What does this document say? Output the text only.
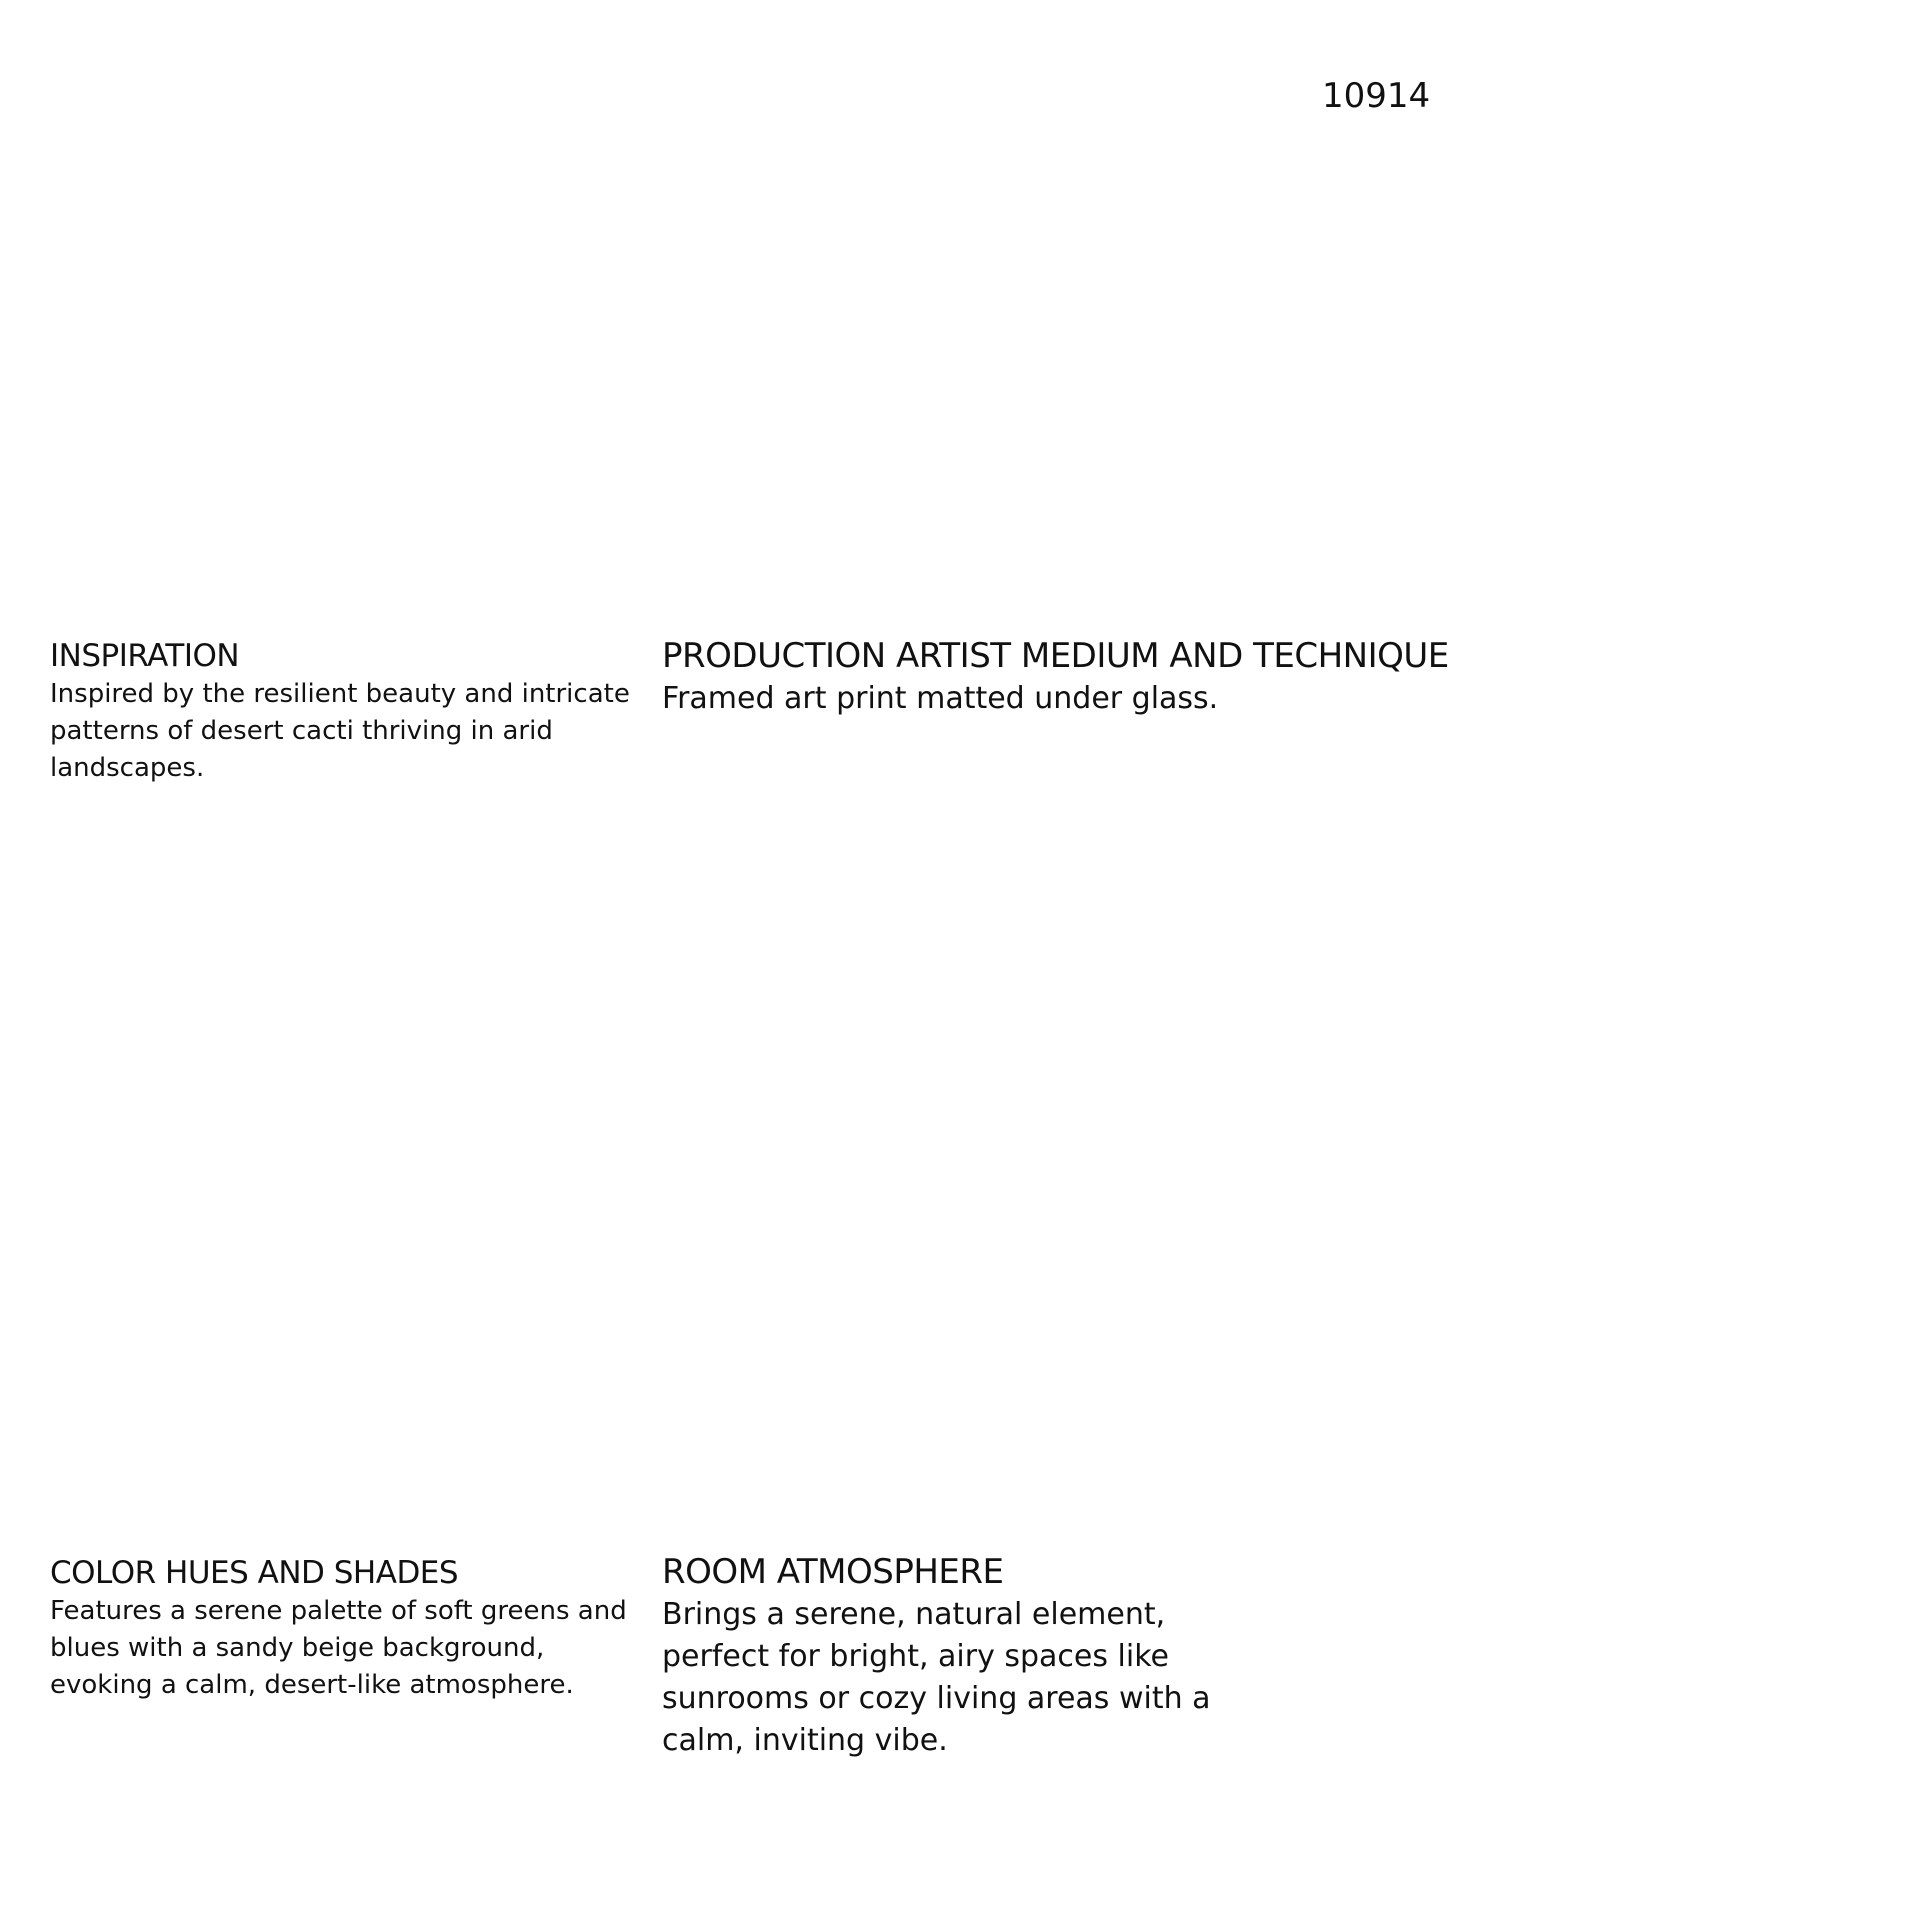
10914
INSPIRATION

Inspired by the resilient beauty and intricate patterns of desert cacti thriving in arid landscapes.

PRODUCTION ARTIST MEDIUM AND TECHNIQUE

Framed art print matted under glass.

COLOR HUES AND SHADES

Features a serene palette of soft greens and blues with a sandy beige background, evoking a calm, desert-like atmosphere.

ROOM ATMOSPHERE

Brings a serene, natural element, perfect for bright, airy spaces like sunrooms or cozy living areas with a calm, inviting vibe.
